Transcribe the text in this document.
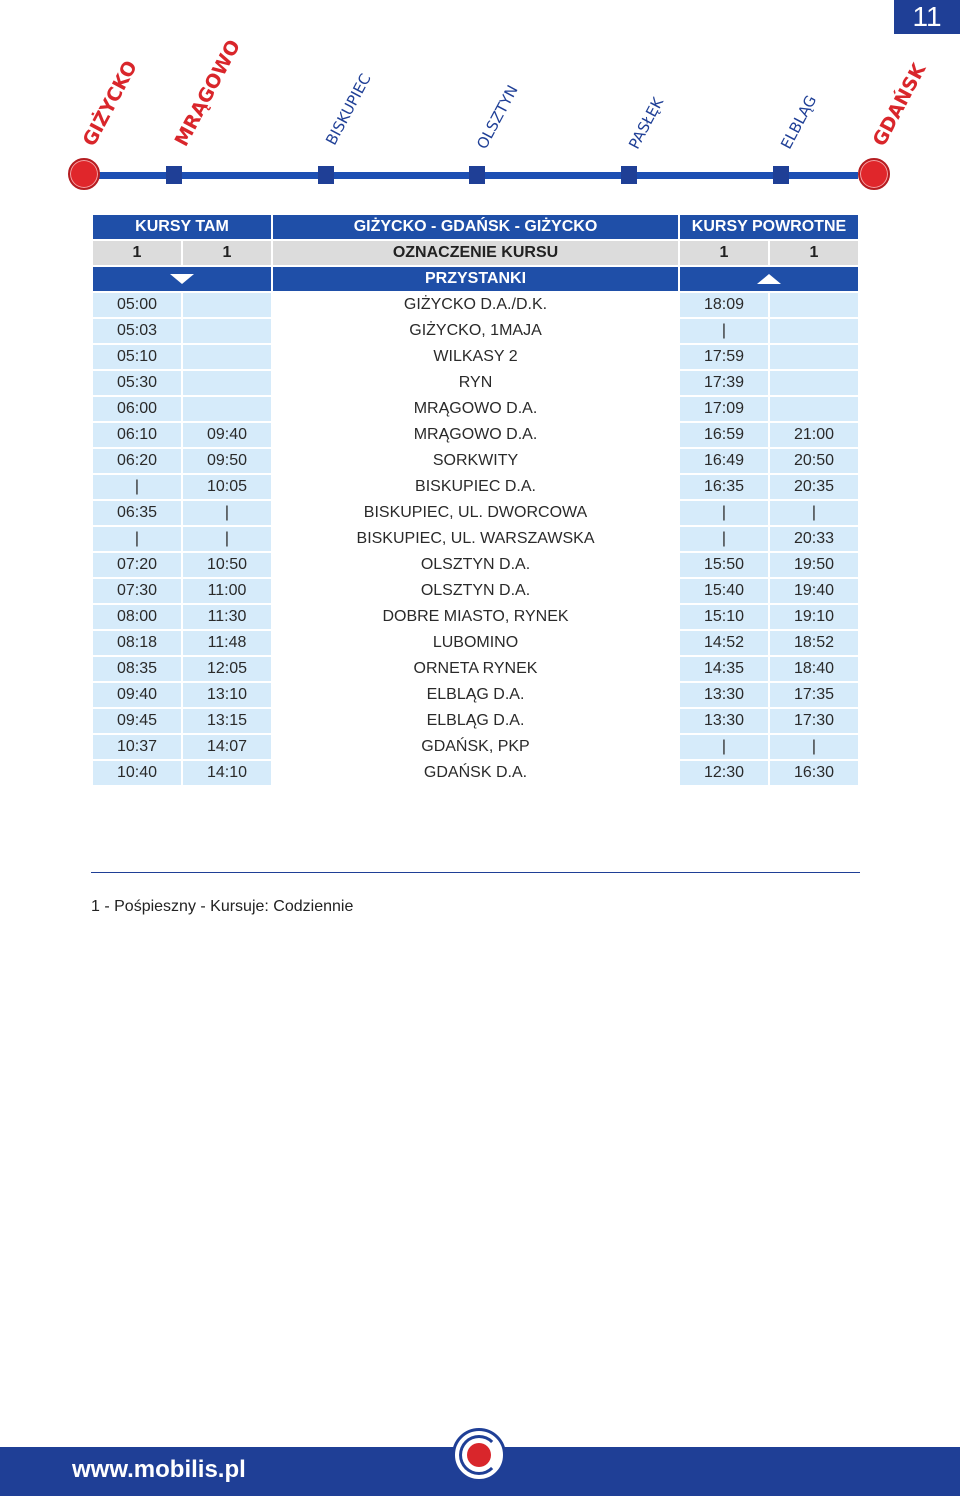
11
GIŻYCKO MRĄGOWO	BISKUPIEC	OLSZTYN	PASŁĘK	ELBLĄG	GDAŃSK
KURSY TAM		GIŻYCKO - GDAŃSK - GIŻYCKO	KURSY POWROTNE	
1	1	OZNACZENIE KURSU	1	1
		PRZYSTANKI		
05:00		GIŻYCKO D.A./D.K.	18:09	
05:03		GIŻYCKO, 1MAJA	|	
05:10		WILKASY 2	17:59	
05:30		RYN	17:39	
06:00		MRĄGOWO D.A.	17:09	
06:10	09:40	MRĄGOWO D.A.	16:59	21:00
06:20	09:50	SORKWITY	16:49	20:50
|	10:05	BISKUPIEC D.A.	16:35	20:35
06:35	|	BISKUPIEC, UL. DWORCOWA	|	|
|	|	BISKUPIEC, UL. WARSZAWSKA	|	20:33
07:20	10:50	OLSZTYN D.A.	15:50	19:50
07:30	11:00	OLSZTYN D.A.	15:40	19:40
08:00	11:30	DOBRE MIASTO, RYNEK	15:10	19:10
08:18	11:48	LUBOMINO	14:52	18:52
08:35	12:05	ORNETA RYNEK	14:35	18:40
09:40	13:10	ELBLĄG D.A.	13:30	17:35
09:45	13:15	ELBLĄG D.A.	13:30	17:30
10:37	14:07	GDAŃSK, PKP	|	|
10:40	14:10	GDAŃSK D.A.	12:30	16:30
1 - Pośpieszny - Kursuje: Codziennie
www.mobilis.pl
